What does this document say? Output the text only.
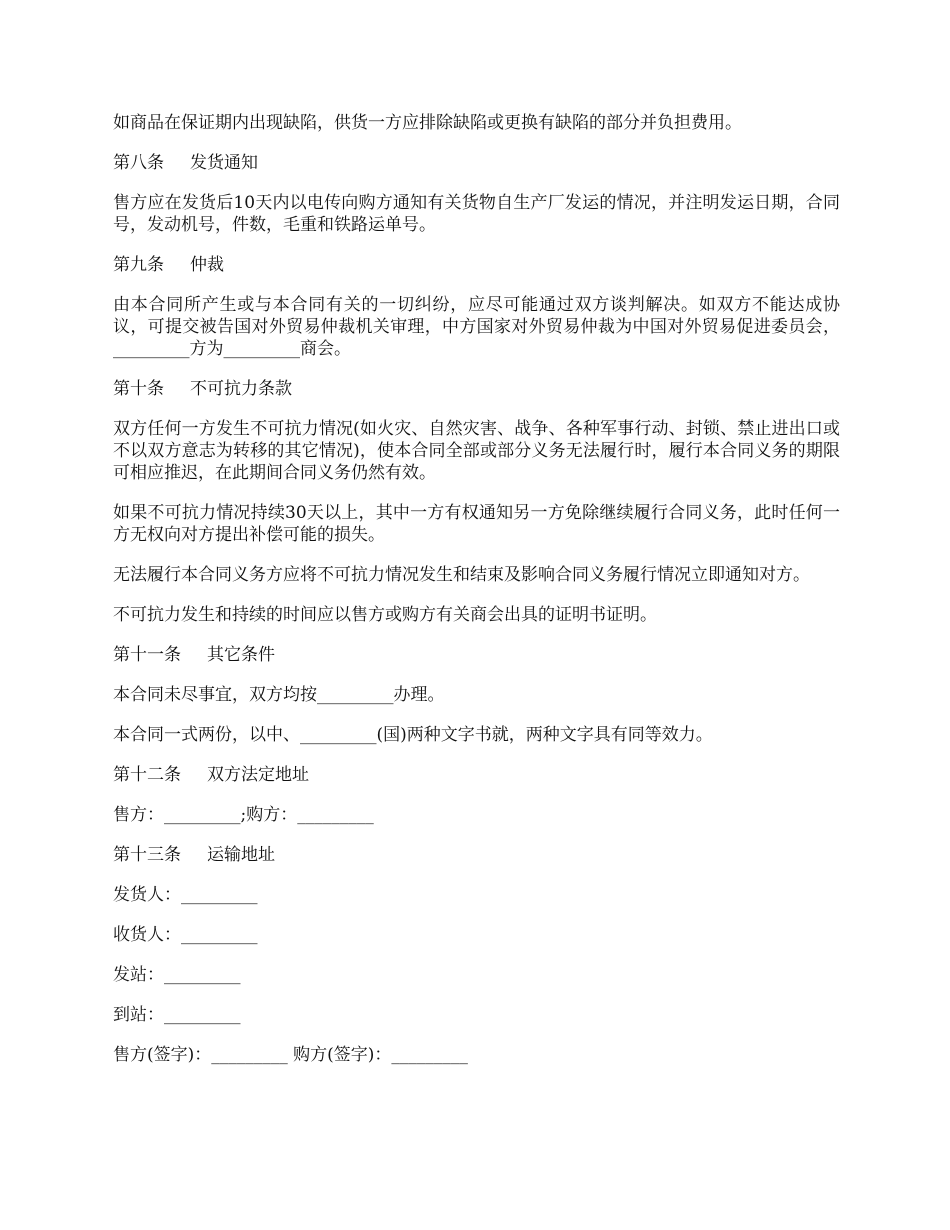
如商品在保证期内出现缺陷，供货一方应排除缺陷或更换有缺陷的部分并负担费用。

第八条 发货通知

售方应在发货后10天内以电传向购方通知有关货物自生产厂发运的情况，并注明发运日期，合同号，发动机号，件数，毛重和铁路运单号。

第九条 仲裁

由本合同所产生或与本合同有关的一切纠纷，应尽可能通过双方谈判解决。如双方不能达成协议，可提交被告国对外贸易仲裁机关审理，中方国家对外贸易仲裁为中国对外贸易促进委员会，_________方为_________商会。

第十条 不可抗力条款

双方任何一方发生不可抗力情况(如火灾、自然灾害、战争、各种军事行动、封锁、禁止进出口或不以双方意志为转移的其它情况)，使本合同全部或部分义务无法履行时，履行本合同义务的期限可相应推迟，在此期间合同义务仍然有效。

如果不可抗力情况持续30天以上，其中一方有权通知另一方免除继续履行合同义务，此时任何一方无权向对方提出补偿可能的损失。

无法履行本合同义务方应将不可抗力情况发生和结束及影响合同义务履行情况立即通知对方。

不可抗力发生和持续的时间应以售方或购方有关商会出具的证明书证明。

第十一条 其它条件

本合同未尽事宜，双方均按_________办理。

本合同一式两份，以中、_________(国)两种文字书就，两种文字具有同等效力。

第十二条 双方法定地址

售方：_________;购方：_________

第十三条 运输地址

发货人：_________

收货人：_________

发站：_________

到站：_________

售方(签字)：_________ 购方(签字)：_________
